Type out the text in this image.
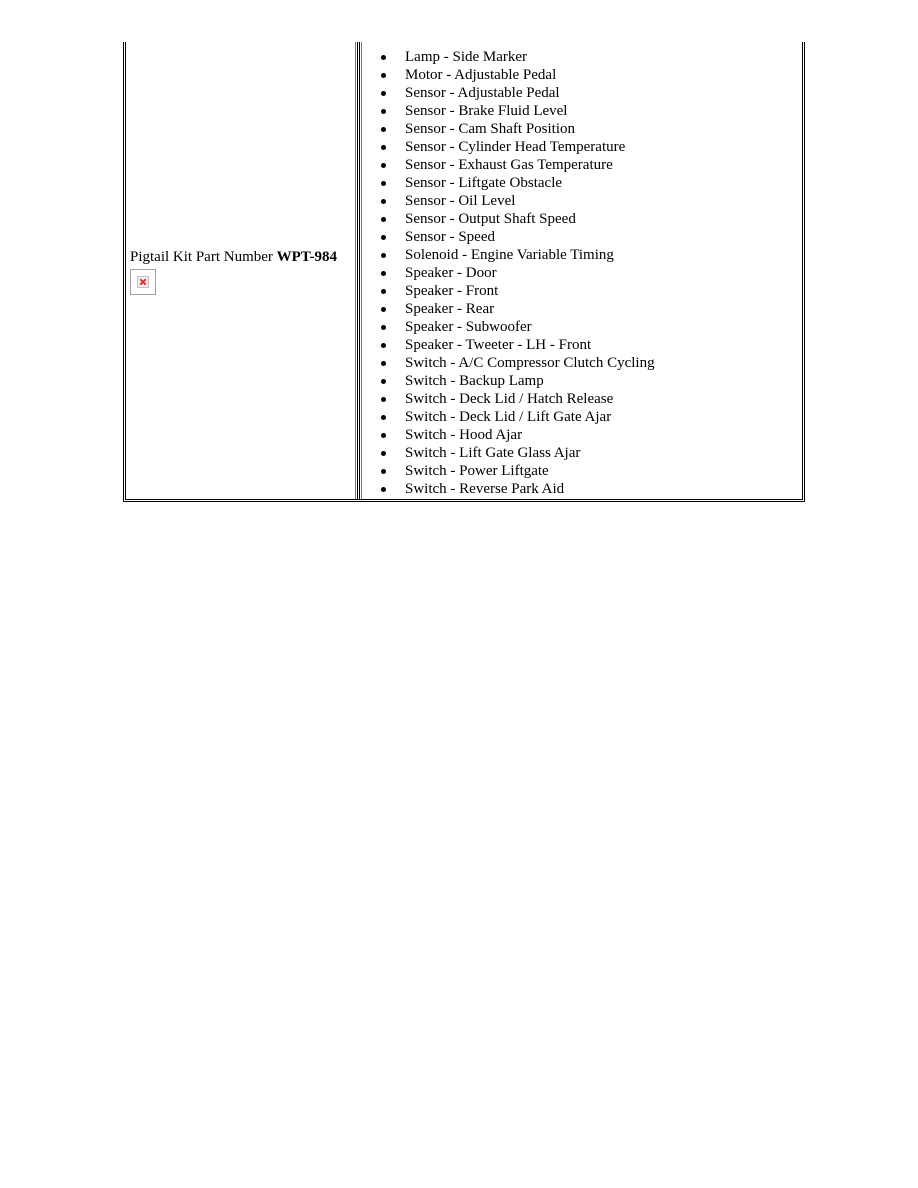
Pigtail Kit Part Number WPT-984
Lamp - Side Marker
Motor - Adjustable Pedal
Sensor - Adjustable Pedal
Sensor - Brake Fluid Level
Sensor - Cam Shaft Position
Sensor - Cylinder Head Temperature
Sensor - Exhaust Gas Temperature
Sensor - Liftgate Obstacle
Sensor - Oil Level
Sensor - Output Shaft Speed
Sensor - Speed
Solenoid - Engine Variable Timing
Speaker - Door
Speaker - Front
Speaker - Rear
Speaker - Subwoofer
Speaker - Tweeter - LH - Front
Switch - A/C Compressor Clutch Cycling
Switch - Backup Lamp
Switch - Deck Lid / Hatch Release
Switch - Deck Lid / Lift Gate Ajar
Switch - Hood Ajar
Switch - Lift Gate Glass Ajar
Switch - Power Liftgate
Switch - Reverse Park Aid
